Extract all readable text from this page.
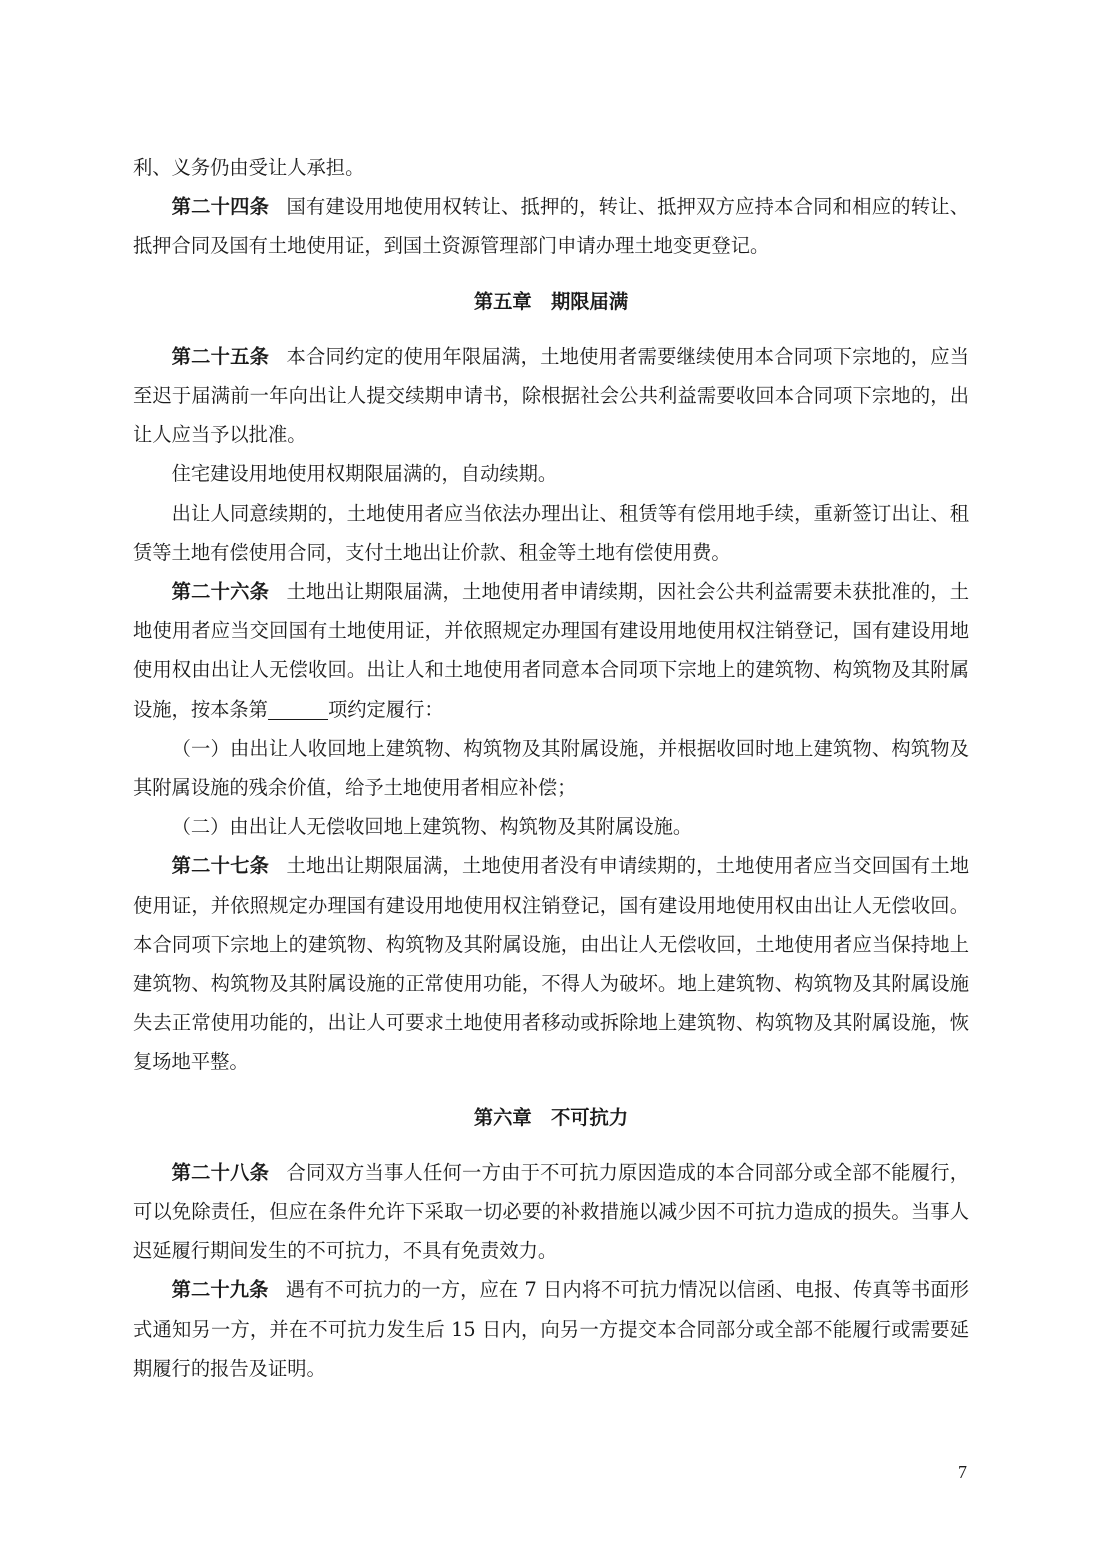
利、义务仍由受让人承担。

第二十四条 国有建设用地使用权转让、抵押的，转让、抵押双方应持本合同和相应的转让、抵押合同及国有土地使用证，到国土资源管理部门申请办理土地变更登记。

第五章 期限届满

第二十五条 本合同约定的使用年限届满，土地使用者需要继续使用本合同项下宗地的，应当至迟于届满前一年向出让人提交续期申请书，除根据社会公共利益需要收回本合同项下宗地的，出让人应当予以批准。

住宅建设用地使用权期限届满的，自动续期。

出让人同意续期的，土地使用者应当依法办理出让、租赁等有偿用地手续，重新签订出让、租赁等土地有偿使用合同，支付土地出让价款、租金等土地有偿使用费。

第二十六条 土地出让期限届满，土地使用者申请续期，因社会公共利益需要未获批准的，土地使用者应当交回国有土地使用证，并依照规定办理国有建设用地使用权注销登记，国有建设用地使用权由出让人无偿收回。出让人和土地使用者同意本合同项下宗地上的建筑物、构筑物及其附属设施，按本条第	项约定履行：

（一）由出让人收回地上建筑物、构筑物及其附属设施，并根据收回时地上建筑物、构筑物及其附属设施的残余价值，给予土地使用者相应补偿；

（二）由出让人无偿收回地上建筑物、构筑物及其附属设施。

第二十七条 土地出让期限届满，土地使用者没有申请续期的，土地使用者应当交回国有土地使用证，并依照规定办理国有建设用地使用权注销登记，国有建设用地使用权由出让人无偿收回。本合同项下宗地上的建筑物、构筑物及其附属设施，由出让人无偿收回，土地使用者应当保持地上建筑物、构筑物及其附属设施的正常使用功能，不得人为破坏。地上建筑物、构筑物及其附属设施失去正常使用功能的，出让人可要求土地使用者移动或拆除地上建筑物、构筑物及其附属设施，恢复场地平整。

第六章 不可抗力

第二十八条 合同双方当事人任何一方由于不可抗力原因造成的本合同部分或全部不能履行，可以免除责任，但应在条件允许下采取一切必要的补救措施以减少因不可抗力造成的损失。当事人迟延履行期间发生的不可抗力，不具有免责效力。

第二十九条 遇有不可抗力的一方，应在 7 日内将不可抗力情况以信函、电报、传真等书面形式通知另一方，并在不可抗力发生后 15 日内，向另一方提交本合同部分或全部不能履行或需要延期履行的报告及证明。

7
